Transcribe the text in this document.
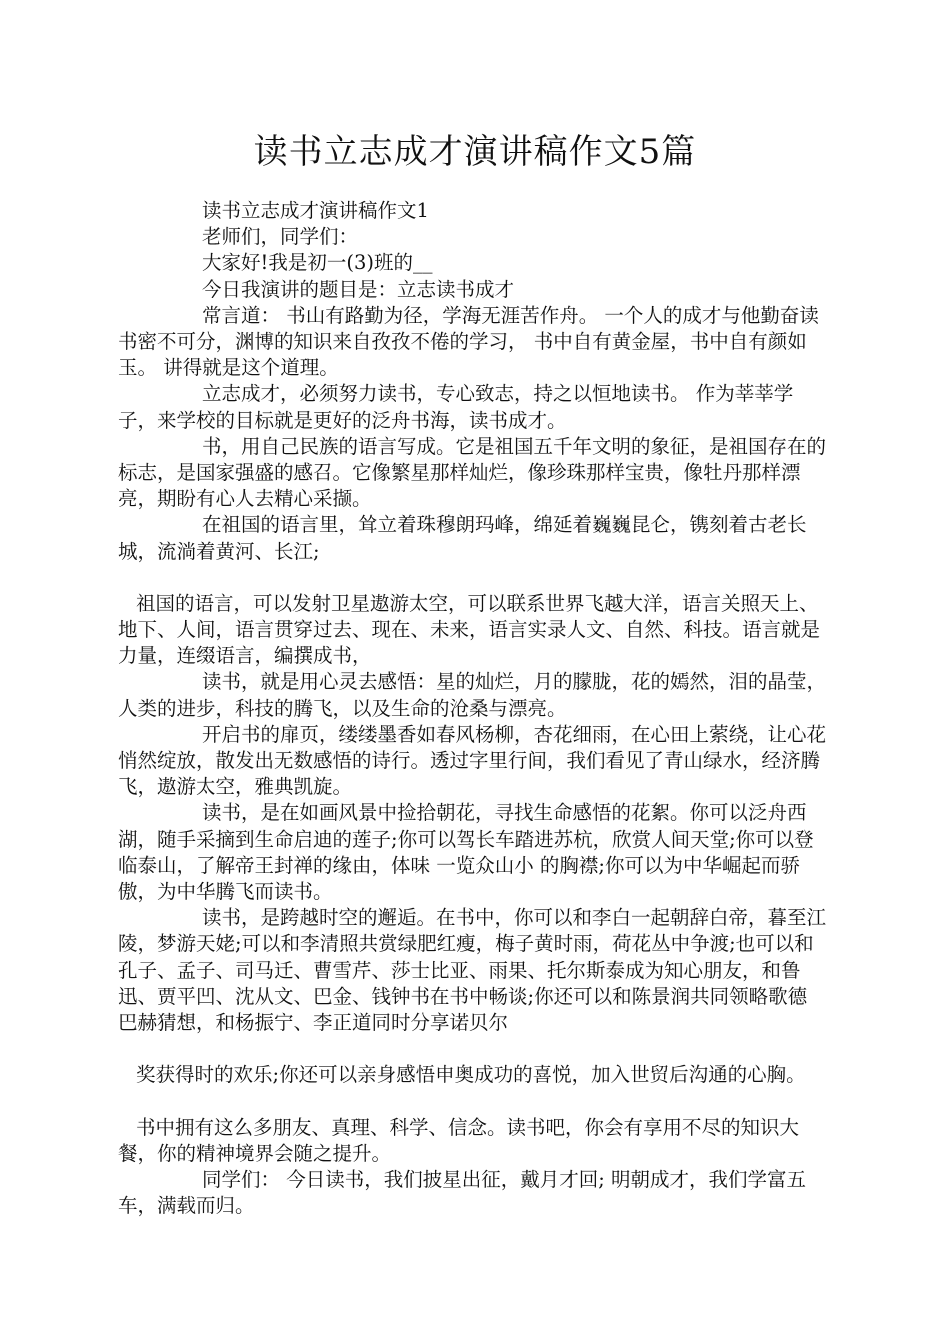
读书立志成才演讲稿作文5篇

读书立志成才演讲稿作文1

老师们，同学们：

大家好!我是初一(3)班的__

今日我演讲的题目是：立志读书成才

常言道： 书山有路勤为径，学海无涯苦作舟。 一个人的成才与他勤奋读书密不可分，渊博的知识来自孜孜不倦的学习， 书中自有黄金屋，书中自有颜如玉。 讲得就是这个道理。

立志成才，必须努力读书，专心致志，持之以恒地读书。 作为莘莘学子，来学校的目标就是更好的泛舟书海，读书成才。

书，用自己民族的语言写成。它是祖国五千年文明的象征，是祖国存在的标志，是国家强盛的感召。它像繁星那样灿烂，像珍珠那样宝贵，像牡丹那样漂亮，期盼有心人去精心采撷。

在祖国的语言里，耸立着珠穆朗玛峰，绵延着巍巍昆仑，镌刻着古老长城，流淌着黄河、长江;

祖国的语言，可以发射卫星遨游太空，可以联系世界飞越大洋，语言关照天上、地下、人间，语言贯穿过去、现在、未来，语言实录人文、自然、科技。语言就是力量，连缀语言，编撰成书，

读书，就是用心灵去感悟：星的灿烂，月的朦胧，花的嫣然，泪的晶莹，人类的进步，科技的腾飞，以及生命的沧桑与漂亮。

开启书的扉页，缕缕墨香如春风杨柳，杏花细雨，在心田上萦绕，让心花悄然绽放，散发出无数感悟的诗行。透过字里行间，我们看见了青山绿水，经济腾飞，遨游太空，雅典凯旋。

读书，是在如画风景中捡拾朝花，寻找生命感悟的花絮。你可以泛舟西湖，随手采摘到生命启迪的莲子;你可以驾长车踏进苏杭，欣赏人间天堂;你可以登临泰山，了解帝王封禅的缘由，体味 一览众山小 的胸襟;你可以为中华崛起而骄傲，为中华腾飞而读书。

读书，是跨越时空的邂逅。在书中，你可以和李白一起朝辞白帝，暮至江陵，梦游天姥;可以和李清照共赏绿肥红瘦，梅子黄时雨，荷花丛中争渡;也可以和孔子、孟子、司马迁、曹雪芹、莎士比亚、雨果、托尔斯泰成为知心朋友，和鲁迅、贾平凹、沈从文、巴金、钱钟书在书中畅谈;你还可以和陈景润共同领略歌德巴赫猜想，和杨振宁、李正道同时分享诺贝尔

奖获得时的欢乐;你还可以亲身感悟申奥成功的喜悦，加入世贸后沟通的心胸。

书中拥有这么多朋友、真理、科学、信念。读书吧，你会有享用不尽的知识大餐，你的精神境界会随之提升。

同学们： 今日读书，我们披星出征，戴月才回; 明朝成才，我们学富五车，满载而归。
